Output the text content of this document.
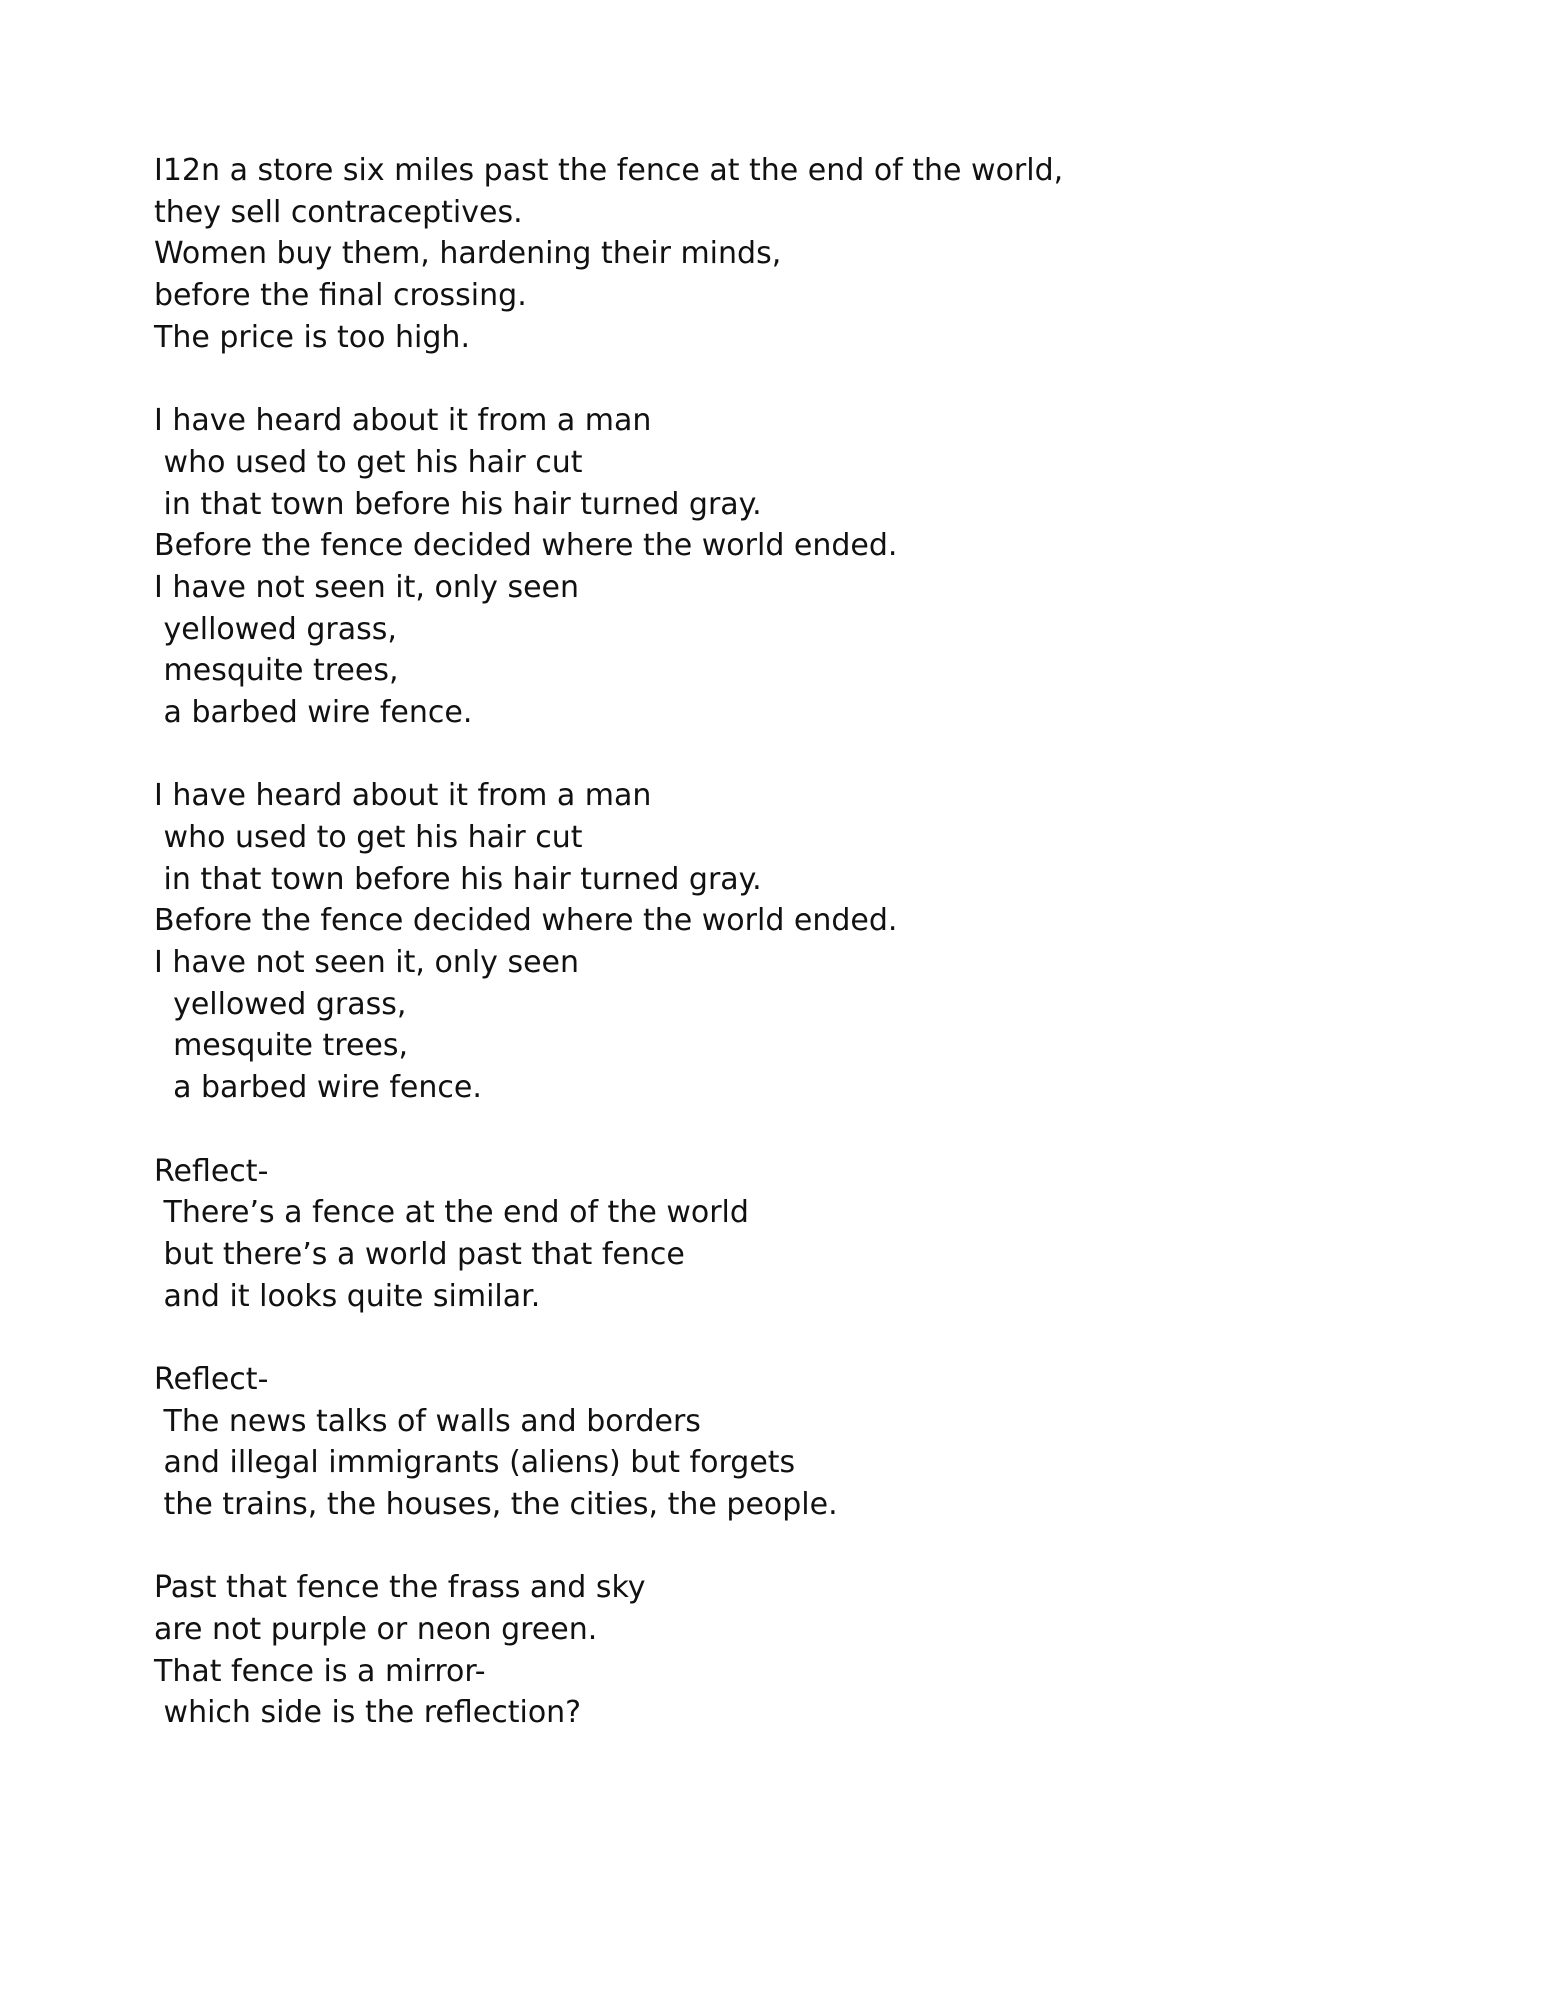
I12n a store six miles past the fence at the end of the world,
they sell contraceptives.
Women buy them, hardening their minds,
before the final crossing.
The price is too high.
I have heard about it from a man
who used to get his hair cut
in that town before his hair turned gray.
Before the fence decided where the world ended.
I have not seen it, only seen
yellowed grass,
mesquite trees,
a barbed wire fence.
I have heard about it from a man
who used to get his hair cut
in that town before his hair turned gray.
Before the fence decided where the world ended.
I have not seen it, only seen
yellowed grass,
mesquite trees,
a barbed wire fence.
Reflect-
There’s a fence at the end of the world
but there’s a world past that fence
and it looks quite similar.
Reflect-
The news talks of walls and borders
and illegal immigrants (aliens) but forgets
the trains, the houses, the cities, the people.
Past that fence the frass and sky
are not purple or neon green.
That fence is a mirror-
which side is the reflection?
